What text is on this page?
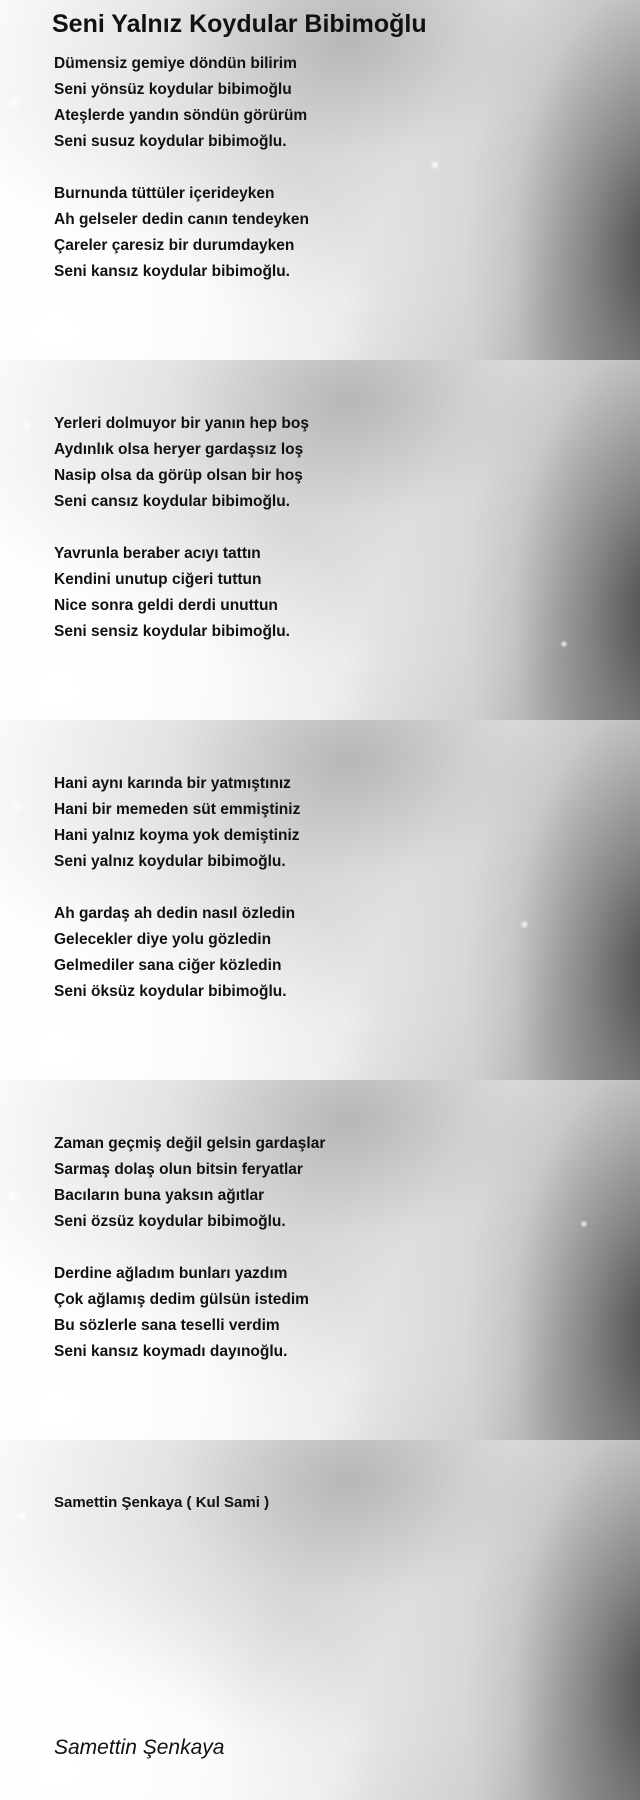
Seni Yalnız Koydular Bibimoğlu
Dümensiz gemiye döndün bilirim
Seni yönsüz koydular bibimoğlu
Ateşlerde yandın söndün görürüm
Seni susuz koydular bibimoğlu.
Burnunda tüttüler içerideyken
Ah gelseler dedin canın tendeyken
Çareler çaresiz bir durumdayken
Seni kansız koydular bibimoğlu.
Yerleri dolmuyor bir yanın hep boş
Aydınlık olsa heryer gardaşsız loş
Nasip olsa da görüp olsan bir hoş
Seni cansız koydular bibimoğlu.
Yavrunla beraber acıyı tattın
Kendini unutup ciğeri tuttun
Nice sonra geldi derdi unuttun
Seni sensiz koydular bibimoğlu.
Hani aynı karında bir yatmıştınız
Hani bir memeden süt emmiştiniz
Hani yalnız koyma yok demiştiniz
Seni yalnız koydular bibimoğlu.
Ah gardaş ah dedin nasıl özledin
Gelecekler diye yolu gözledin
Gelmediler sana ciğer közledin
Seni öksüz koydular bibimoğlu.
Zaman geçmiş değil gelsin gardaşlar
Sarmaş dolaş olun bitsin feryatlar
Bacıların buna yaksın ağıtlar
Seni özsüz koydular bibimoğlu.
Derdine ağladım bunları yazdım
Çok ağlamış dedim gülsün istedim
Bu sözlerle sana teselli verdim
Seni kansız koymadı dayınoğlu.
Samettin Şenkaya ( Kul Sami )
Samettin Şenkaya
